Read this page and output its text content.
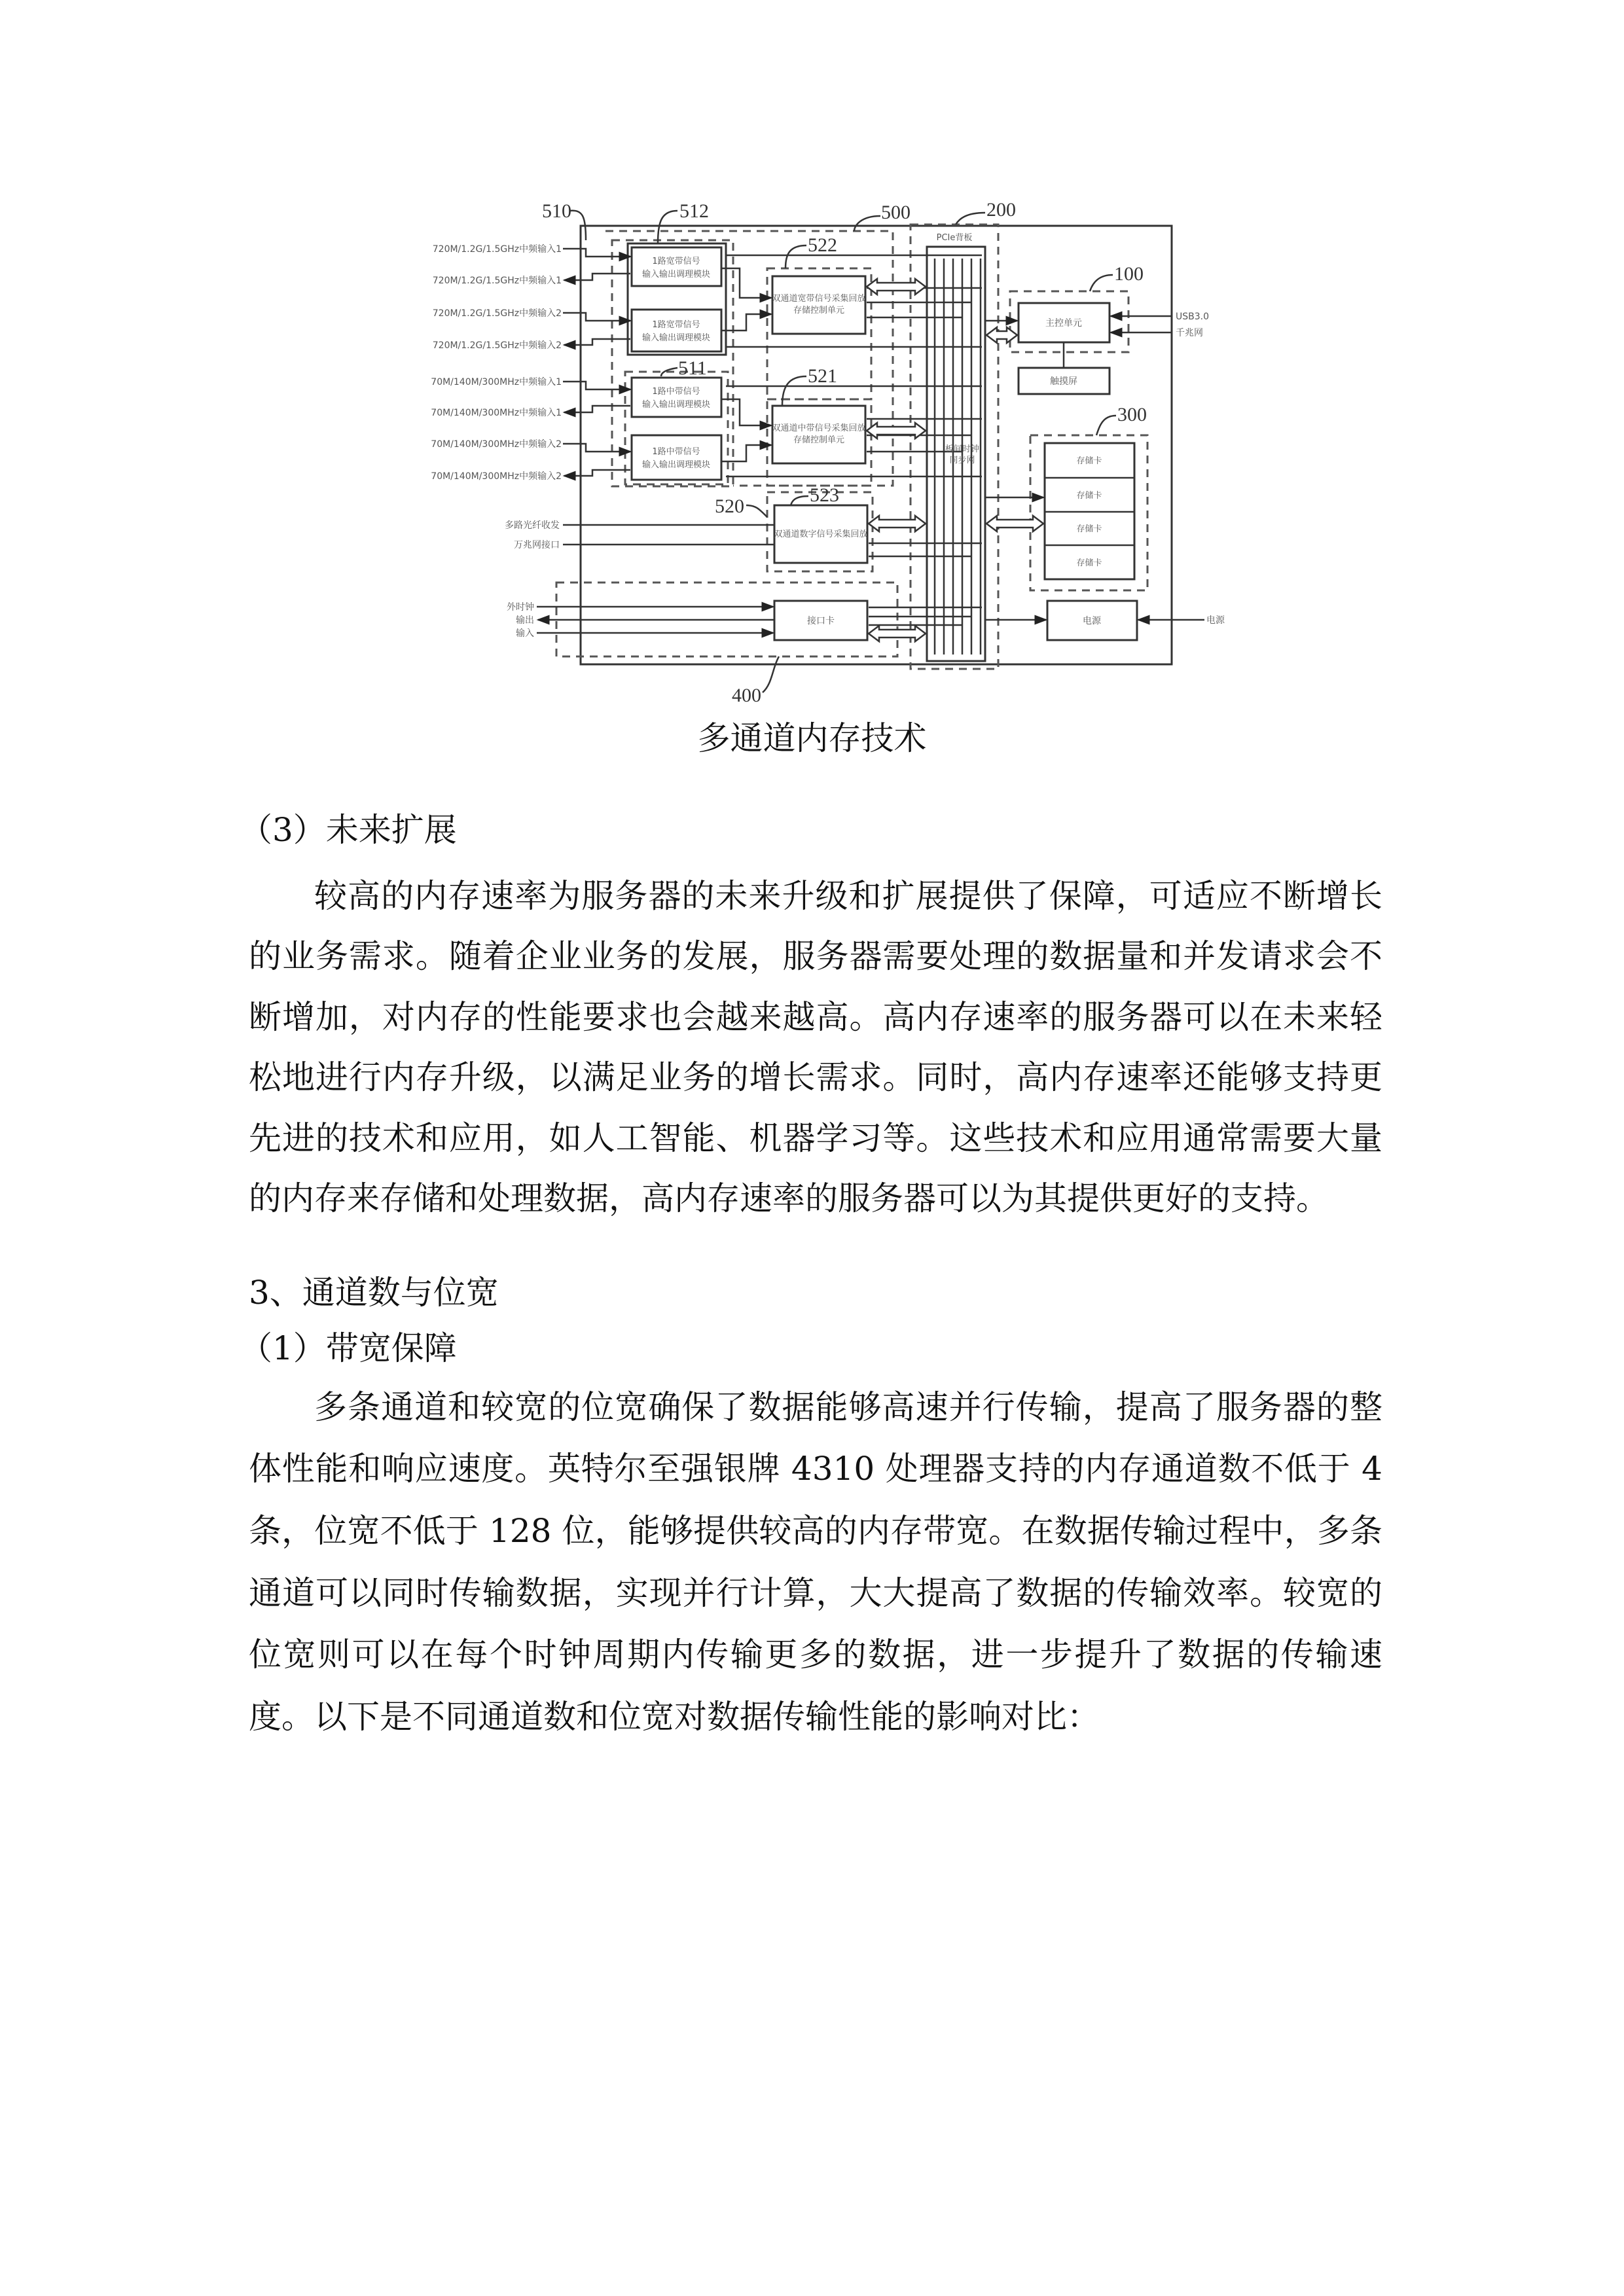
510	512	500	200
522
100
511	521
300
520
523
400
720M/1.2G/1.5GHz中频输入1
720M/1.2G/1.5GHz中频输入1
720M/1.2G/1.5GHz中频输入2
720M/1.2G/1.5GHz中频输入2
70M/140M/300MHz中频输入1
70M/140M/300MHz中频输入1
70M/140M/300MHz中频输入2
70M/140M/300MHz中频输入2
多路光纤收发
万兆网接口
外时钟
输出
输入
1路宽带信号
输入输出调理模块
1路宽带信号
输入输出调理模块
1路中带信号
输入输出调理模块
1路中带信号
输入输出调理模块
双通道宽带信号采集回放
存储控制单元
双通道中带信号采集回放
存储控制单元
双通道数字信号采集回放
PCIe背板
板间时钟
同步网
主控单元
触摸屏
存储卡
存储卡
存储卡
存储卡
接口卡	电源
USB3.0
千兆网
电源
多通道内存技术
（3）未来扩展
较高的内存速率为服务器的未来升级和扩展提供了保障，可适应不断增长
的业务需求。随着企业业务的发展，服务器需要处理的数据量和并发请求会不
断增加，对内存的性能要求也会越来越高。高内存速率的服务器可以在未来轻
松地进行内存升级，以满足业务的增长需求。同时，高内存速率还能够支持更
先进的技术和应用，如人工智能、机器学习等。这些技术和应用通常需要大量
的内存来存储和处理数据，高内存速率的服务器可以为其提供更好的支持。
3、通道数与位宽
（1）带宽保障
多条通道和较宽的位宽确保了数据能够高速并行传输，提高了服务器的整
体性能和响应速度。英特尔至强银牌 4310 处理器支持的内存通道数不低于 4
条，位宽不低于 128 位，能够提供较高的内存带宽。在数据传输过程中，多条
通道可以同时传输数据，实现并行计算，大大提高了数据的传输效率。较宽的
位宽则可以在每个时钟周期内传输更多的数据，进一步提升了数据的传输速
度。以下是不同通道数和位宽对数据传输性能的影响对比：
